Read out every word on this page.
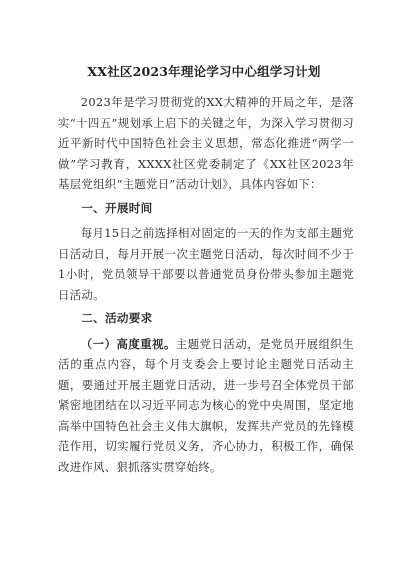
XX社区2023年理论学习中心组学习计划

2023年是学习贯彻党的XX大精神的开局之年，是落实“十四五”规划承上启下的关键之年，为深入学习贯彻习近平新时代中国特色社会主义思想，常态化推进“两学一做”学习教育，XXXX社区党委制定了《XX社区2023年基层党组织“主题党日”活动计划》，具体内容如下：

一、开展时间

每月15日之前选择相对固定的一天的作为支部主题党日活动日，每月开展一次主题党日活动，每次时间不少于1小时，党员领导干部要以普通党员身份带头参加主题党日活动。

二、活动要求

（一）高度重视。主题党日活动，是党员开展组织生活的重点内容，每个月支委会上要讨论主题党日活动主题，要通过开展主题党日活动，进一步号召全体党员干部紧密地团结在以习近平同志为核心的党中央周围，坚定地高举中国特色社会主义伟大旗帜，发挥共产党员的先锋模范作用，切实履行党员义务，齐心协力，积极工作，确保改进作风、狠抓落实贯穿始终。
